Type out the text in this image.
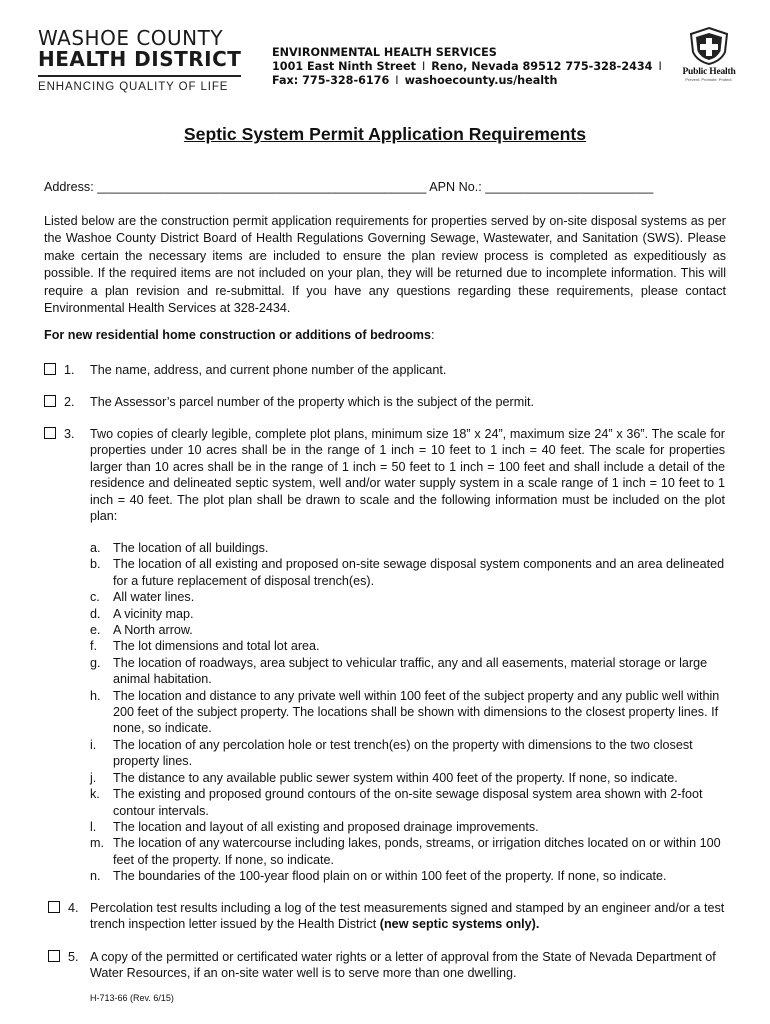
WASHOE COUNTY
HEALTH DISTRICT
ENHANCING QUALITY OF LIFE
ENVIRONMENTAL HEALTH SERVICES
1001 East Ninth Street I Reno, Nevada 89512 775-328-2434 I
Fax: 775-328-6176 I washoecounty.us/health
Public Health
Prevent. Promote. Protect.
Septic System Permit Application Requirements
Address: _______________________________________________ APN No.: ________________________
Listed below are the construction permit application requirements for properties served by on-site disposal systems as per the Washoe County District Board of Health Regulations Governing Sewage, Wastewater, and Sanitation (SWS). Please make certain the necessary items are included to ensure the plan review process is completed as expeditiously as possible. If the required items are not included on your plan, they will be returned due to incomplete information. This will require a plan revision and re-submittal. If you have any questions regarding these requirements, please contact Environmental Health Services at 328-2434.
For new residential home construction or additions of bedrooms:
1. The name, address, and current phone number of the applicant.
2. The Assessor’s parcel number of the property which is the subject of the permit.
3. Two copies of clearly legible, complete plot plans, minimum size 18” x 24”, maximum size 24” x 36”. The scale for properties under 10 acres shall be in the range of 1 inch = 10 feet to 1 inch = 40 feet. The scale for properties larger than 10 acres shall be in the range of 1 inch = 50 feet to 1 inch = 100 feet and shall include a detail of the residence and delineated septic system, well and/or water supply system in a scale range of 1 inch = 10 feet to 1 inch = 40 feet. The plot plan shall be drawn to scale and the following information must be included on the plot plan:
a. The location of all buildings.
b. The location of all existing and proposed on-site sewage disposal system components and an area delineated for a future replacement of disposal trench(es).
c. All water lines.
d. A vicinity map.
e. A North arrow.
f. The lot dimensions and total lot area.
g. The location of roadways, area subject to vehicular traffic, any and all easements, material storage or large animal habitation.
h. The location and distance to any private well within 100 feet of the subject property and any public well within 200 feet of the subject property. The locations shall be shown with dimensions to the closest property lines. If none, so indicate.
i. The location of any percolation hole or test trench(es) on the property with dimensions to the two closest property lines.
j. The distance to any available public sewer system within 400 feet of the property. If none, so indicate.
k. The existing and proposed ground contours of the on-site sewage disposal system area shown with 2-foot contour intervals.
l. The location and layout of all existing and proposed drainage improvements.
m. The location of any watercourse including lakes, ponds, streams, or irrigation ditches located on or within 100 feet of the property. If none, so indicate.
n. The boundaries of the 100-year flood plain on or within 100 feet of the property. If none, so indicate.
4. Percolation test results including a log of the test measurements signed and stamped by an engineer and/or a test trench inspection letter issued by the Health District (new septic systems only).
5. A copy of the permitted or certificated water rights or a letter of approval from the State of Nevada Department of Water Resources, if an on-site water well is to serve more than one dwelling.
H-713-66 (Rev. 6/15)
